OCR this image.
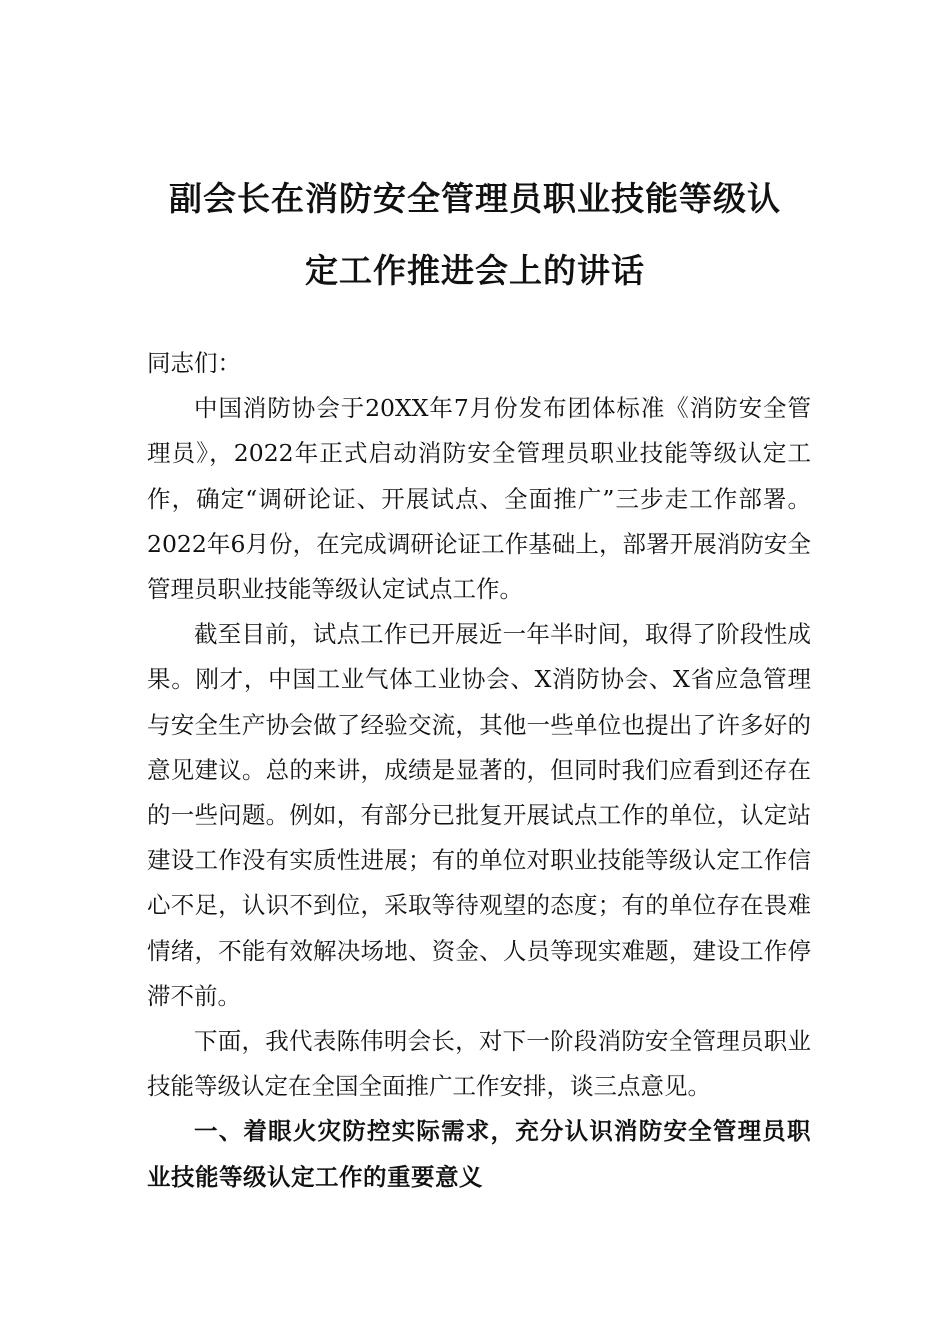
副会长在消防安全管理员职业技能等级认
定工作推进会上的讲话

同志们：

中国消防协会于20XX年7月份发布团体标准《消防安全管理员》，2022年正式启动消防安全管理员职业技能等级认定工作，确定“调研论证、开展试点、全面推广”三步走工作部署。2022年6月份，在完成调研论证工作基础上，部署开展消防安全管理员职业技能等级认定试点工作。

截至目前，试点工作已开展近一年半时间，取得了阶段性成果。刚才，中国工业气体工业协会、X消防协会、X省应急管理与安全生产协会做了经验交流，其他一些单位也提出了许多好的意见建议。总的来讲，成绩是显著的，但同时我们应看到还存在的一些问题。例如，有部分已批复开展试点工作的单位，认定站建设工作没有实质性进展；有的单位对职业技能等级认定工作信心不足，认识不到位，采取等待观望的态度；有的单位存在畏难情绪，不能有效解决场地、资金、人员等现实难题，建设工作停滞不前。

下面，我代表陈伟明会长，对下一阶段消防安全管理员职业技能等级认定在全国全面推广工作安排，谈三点意见。

一、着眼火灾防控实际需求，充分认识消防安全管理员职业技能等级认定工作的重要意义
